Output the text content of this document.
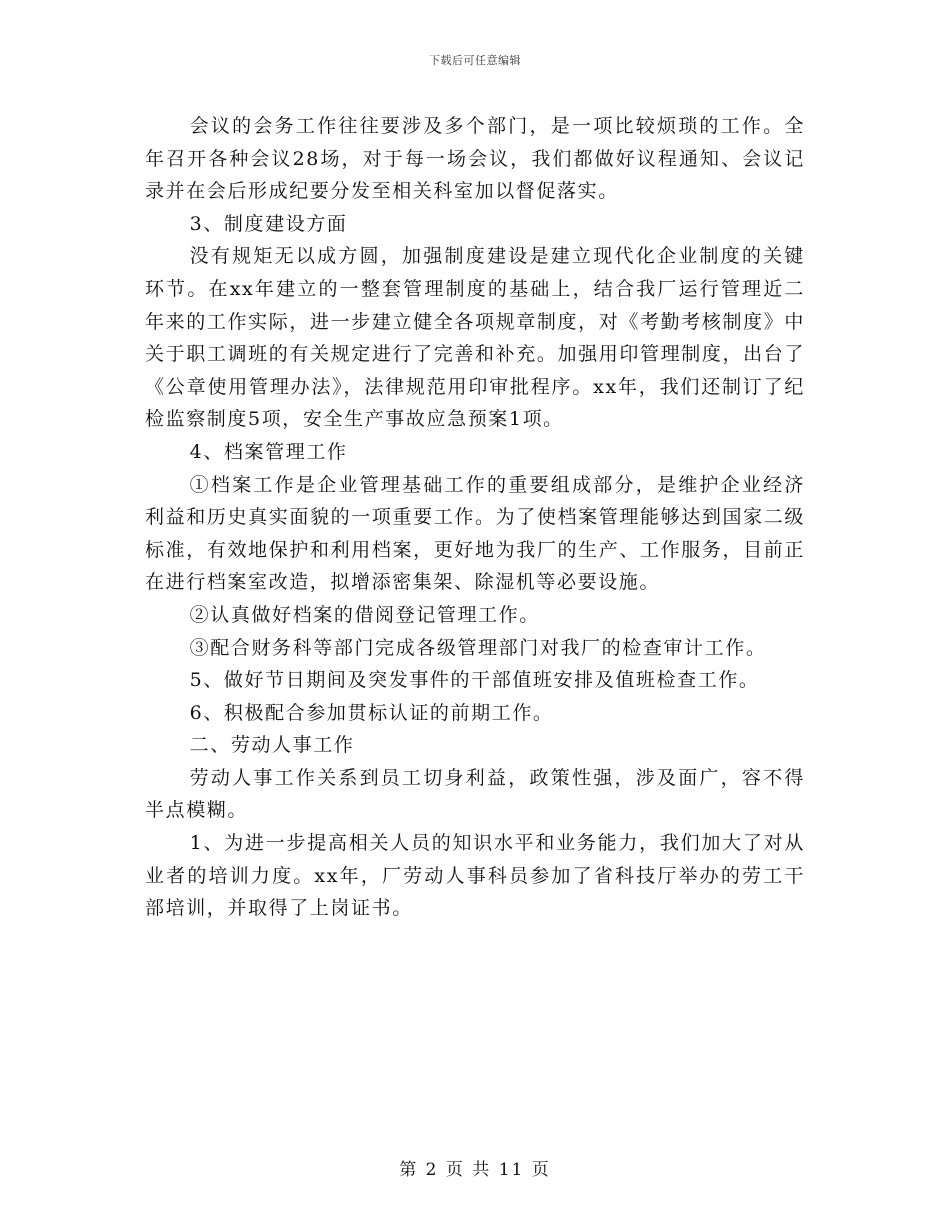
下载后可任意编辑

会议的会务工作往往要涉及多个部门，是一项比较烦琐的工作。全年召开各种会议28场，对于每一场会议，我们都做好议程通知、会议记录并在会后形成纪要分发至相关科室加以督促落实。

3、制度建设方面

没有规矩无以成方圆，加强制度建设是建立现代化企业制度的关键环节。在xx年建立的一整套管理制度的基础上，结合我厂运行管理近二年来的工作实际，进一步建立健全各项规章制度，对《考勤考核制度》中关于职工调班的有关规定进行了完善和补充。加强用印管理制度，出台了《公章使用管理办法》，法律规范用印审批程序。xx年，我们还制订了纪检监察制度5项，安全生产事故应急预案1项。

4、档案管理工作

①档案工作是企业管理基础工作的重要组成部分，是维护企业经济利益和历史真实面貌的一项重要工作。为了使档案管理能够达到国家二级标准，有效地保护和利用档案，更好地为我厂的生产、工作服务，目前正在进行档案室改造，拟增添密集架、除湿机等必要设施。

②认真做好档案的借阅登记管理工作。

③配合财务科等部门完成各级管理部门对我厂的检查审计工作。

5、做好节日期间及突发事件的干部值班安排及值班检查工作。

6、积极配合参加贯标认证的前期工作。

二、劳动人事工作

劳动人事工作关系到员工切身利益，政策性强，涉及面广，容不得半点模糊。

1、为进一步提高相关人员的知识水平和业务能力，我们加大了对从业者的培训力度。xx年，厂劳动人事科员参加了省科技厅举办的劳工干部培训，并取得了上岗证书。

第 2 页 共 11 页
